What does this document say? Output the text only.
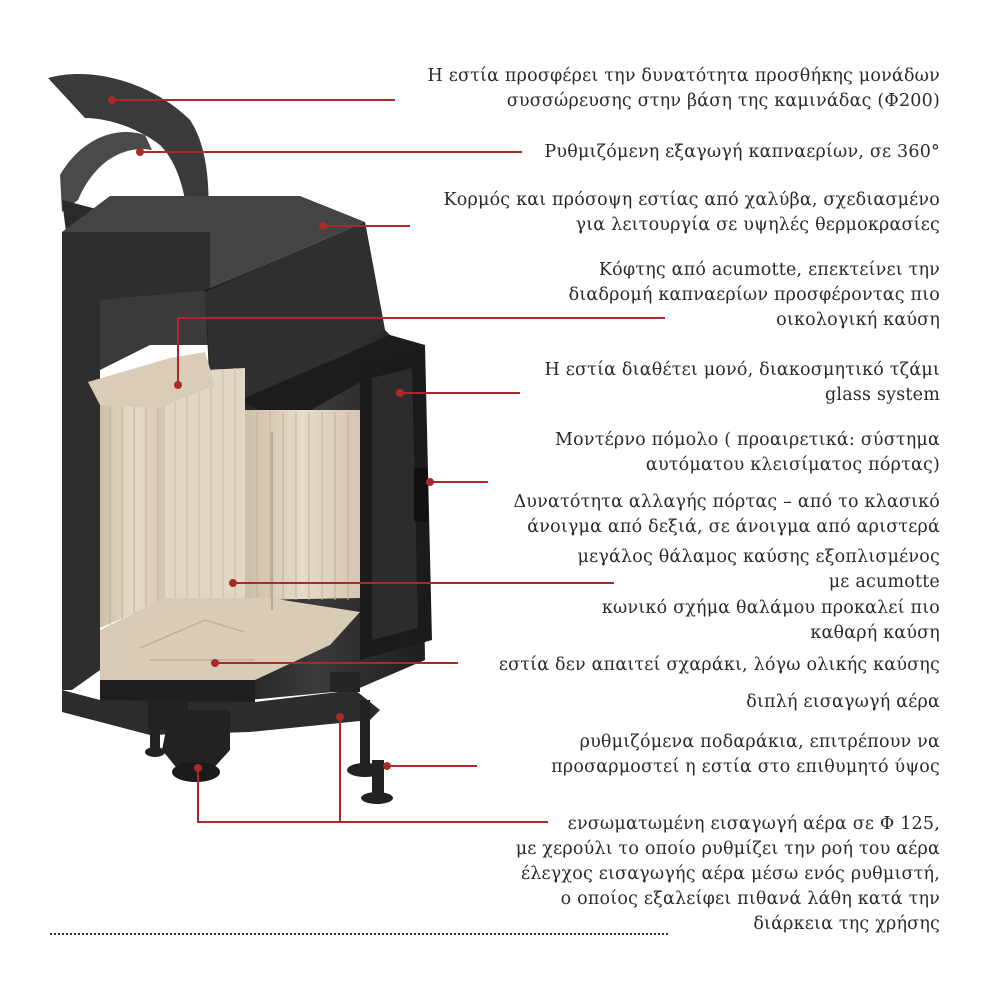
Η εστία προσφέρει την δυνατότητα προσθήκης μονάδων
συσσώρευσης στην βάση της καμινάδας (Φ200)
Ρυθμιζόμενη εξαγωγή καπναερίων, σε 360°
Κορμός και πρόσοψη εστίας από χαλύβα, σχεδιασμένο
για λειτουργία σε υψηλές θερμοκρασίες
Κόφτης από acumotte, επεκτείνει την
διαδρομή καπναερίων προσφέροντας πιο
οικολογική καύση
Η εστία διαθέτει μονό, διακοσμητικό τζάμι
glass system
Μοντέρνο πόμολο ( προαιρετικά: σύστημα
αυτόματου κλεισίματος πόρτας)
Δυνατότητα αλλαγής πόρτας – από το κλασικό
άνοιγμα από δεξιά, σε άνοιγμα από αριστερά
μεγάλος θάλαμος καύσης εξοπλισμένος
με acumotte
κωνικό σχήμα θαλάμου προκαλεί πιο
καθαρή καύση
εστία δεν απαιτεί σχαράκι, λόγω ολικής καύσης
διπλή εισαγωγή αέρα
ρυθμιζόμενα ποδαράκια, επιτρέπουν να
προσαρμοστεί η εστία στο επιθυμητό ύψος
ενσωματωμένη εισαγωγή αέρα σε Φ 125,
με χερούλι το οποίο ρυθμίζει την ροή του αέρα
έλεγχος εισαγωγής αέρα μέσω ενός ρυθμιστή,
ο οποίος εξαλείφει πιθανά λάθη κατά την
διάρκεια της χρήσης
